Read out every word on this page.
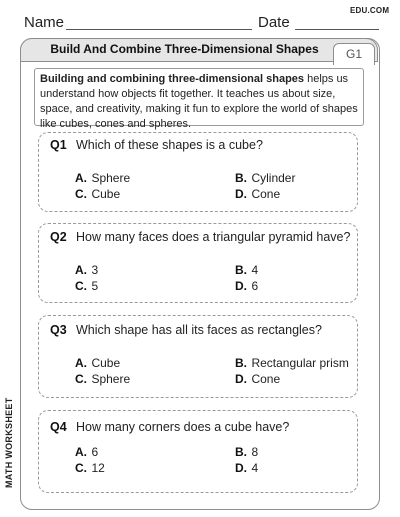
Name	Date
EDU.COM
Build And Combine Three-Dimensional Shapes	G1
Building and combining three-dimensional shapes helps us understand how objects fit together. It teaches us about size, space, and creativity, making it fun to explore the world of shapes like cubes, cones and spheres.
Q1 Which of these shapes is a cube?
A. Sphere	B. Cylinder
C. Cube	D. Cone
Q2 How many faces does a triangular pyramid have?
A. 3	B. 4
C. 5	D. 6
Q3 Which shape has all its faces as rectangles?
A. Cube	B. Rectangular prism
C. Sphere	D. Cone
Q4 How many corners does a cube have?
A. 6	B. 8
C. 12	D. 4
MATH WORKSHEET
